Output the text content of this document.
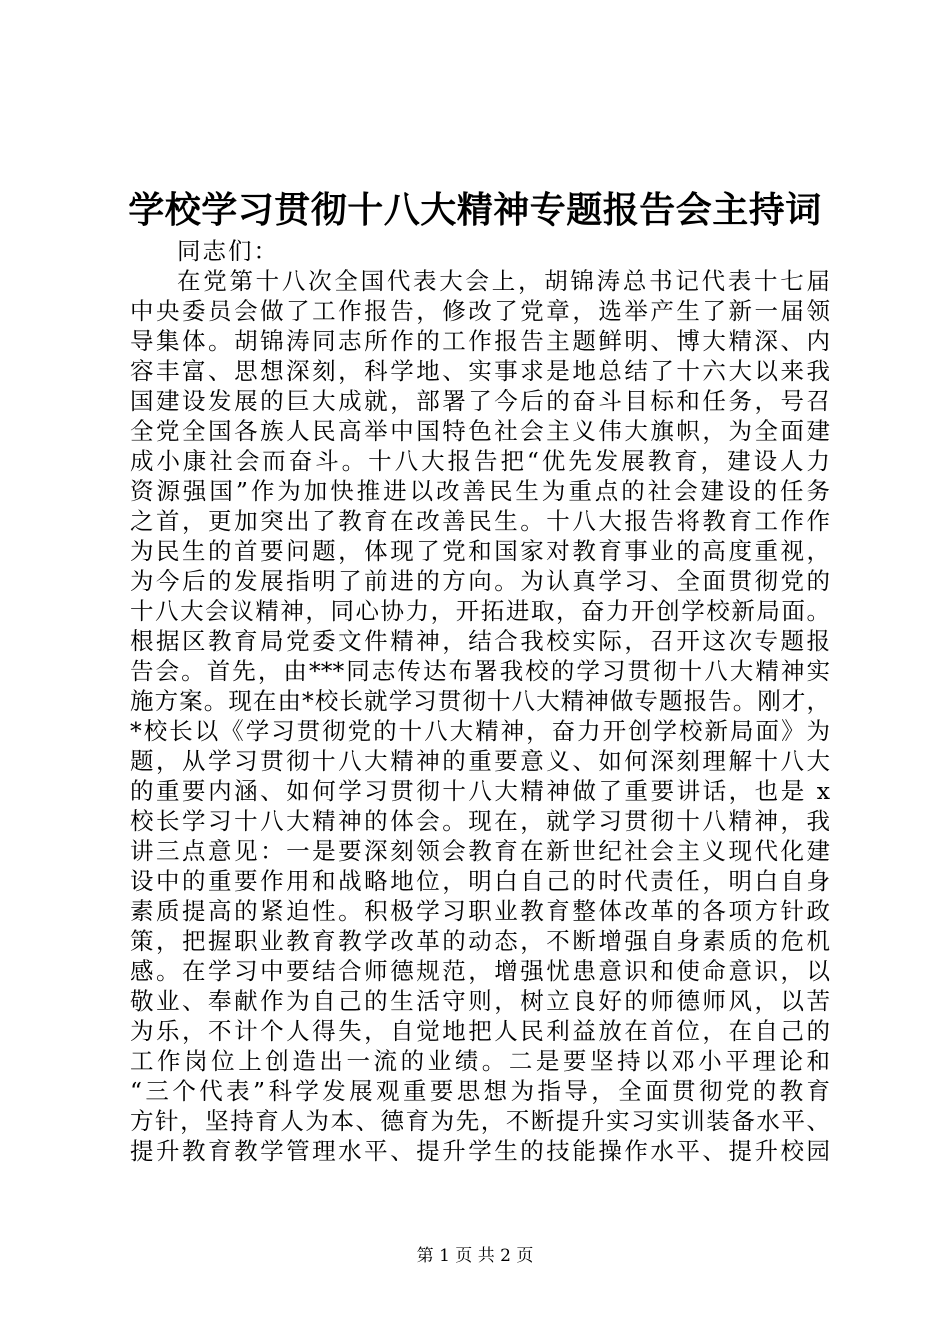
学校学习贯彻十八大精神专题报告会主持词
同志们：
在党第十八次全国代表大会上，胡锦涛总书记代表十七届
中央委员会做了工作报告，修改了党章，选举产生了新一届领
导集体。胡锦涛同志所作的工作报告主题鲜明、博大精深、内
容丰富、思想深刻，科学地、实事求是地总结了十六大以来我
国建设发展的巨大成就，部署了今后的奋斗目标和任务，号召
全党全国各族人民高举中国特色社会主义伟大旗帜，为全面建
成小康社会而奋斗。十八大报告把“优先发展教育，建设人力
资源强国”作为加快推进以改善民生为重点的社会建设的任务
之首，更加突出了教育在改善民生。十八大报告将教育工作作
为民生的首要问题，体现了党和国家对教育事业的高度重视，
为今后的发展指明了前进的方向。为认真学习、全面贯彻党的
十八大会议精神，同心协力，开拓进取，奋力开创学校新局面。
根据区教育局党委文件精神，结合我校实际，召开这次专题报
告会。首先，由***同志传达布署我校的学习贯彻十八大精神实
施方案。现在由*校长就学习贯彻十八大精神做专题报告。刚才，
*校长以《学习贯彻党的十八大精神，奋力开创学校新局面》为
题，从学习贯彻十八大精神的重要意义、如何深刻理解十八大
的重要内涵、如何学习贯彻十八大精神做了重要讲话，也是 x
校长学习十八大精神的体会。现在，就学习贯彻十八精神，我
讲三点意见：一是要深刻领会教育在新世纪社会主义现代化建
设中的重要作用和战略地位，明白自己的时代责任，明白自身
素质提高的紧迫性。积极学习职业教育整体改革的各项方针政
策，把握职业教育教学改革的动态，不断增强自身素质的危机
感。在学习中要结合师德规范，增强忧患意识和使命意识，以
敬业、奉献作为自己的生活守则，树立良好的师德师风，以苦
为乐，不计个人得失，自觉地把人民利益放在首位，在自己的
工作岗位上创造出一流的业绩。二是要坚持以邓小平理论和
“三个代表”科学发展观重要思想为指导，全面贯彻党的教育
方针，坚持育人为本、德育为先，不断提升实习实训装备水平、
提升教育教学管理水平、提升学生的技能操作水平、提升校园
第 1 页 共 2 页
